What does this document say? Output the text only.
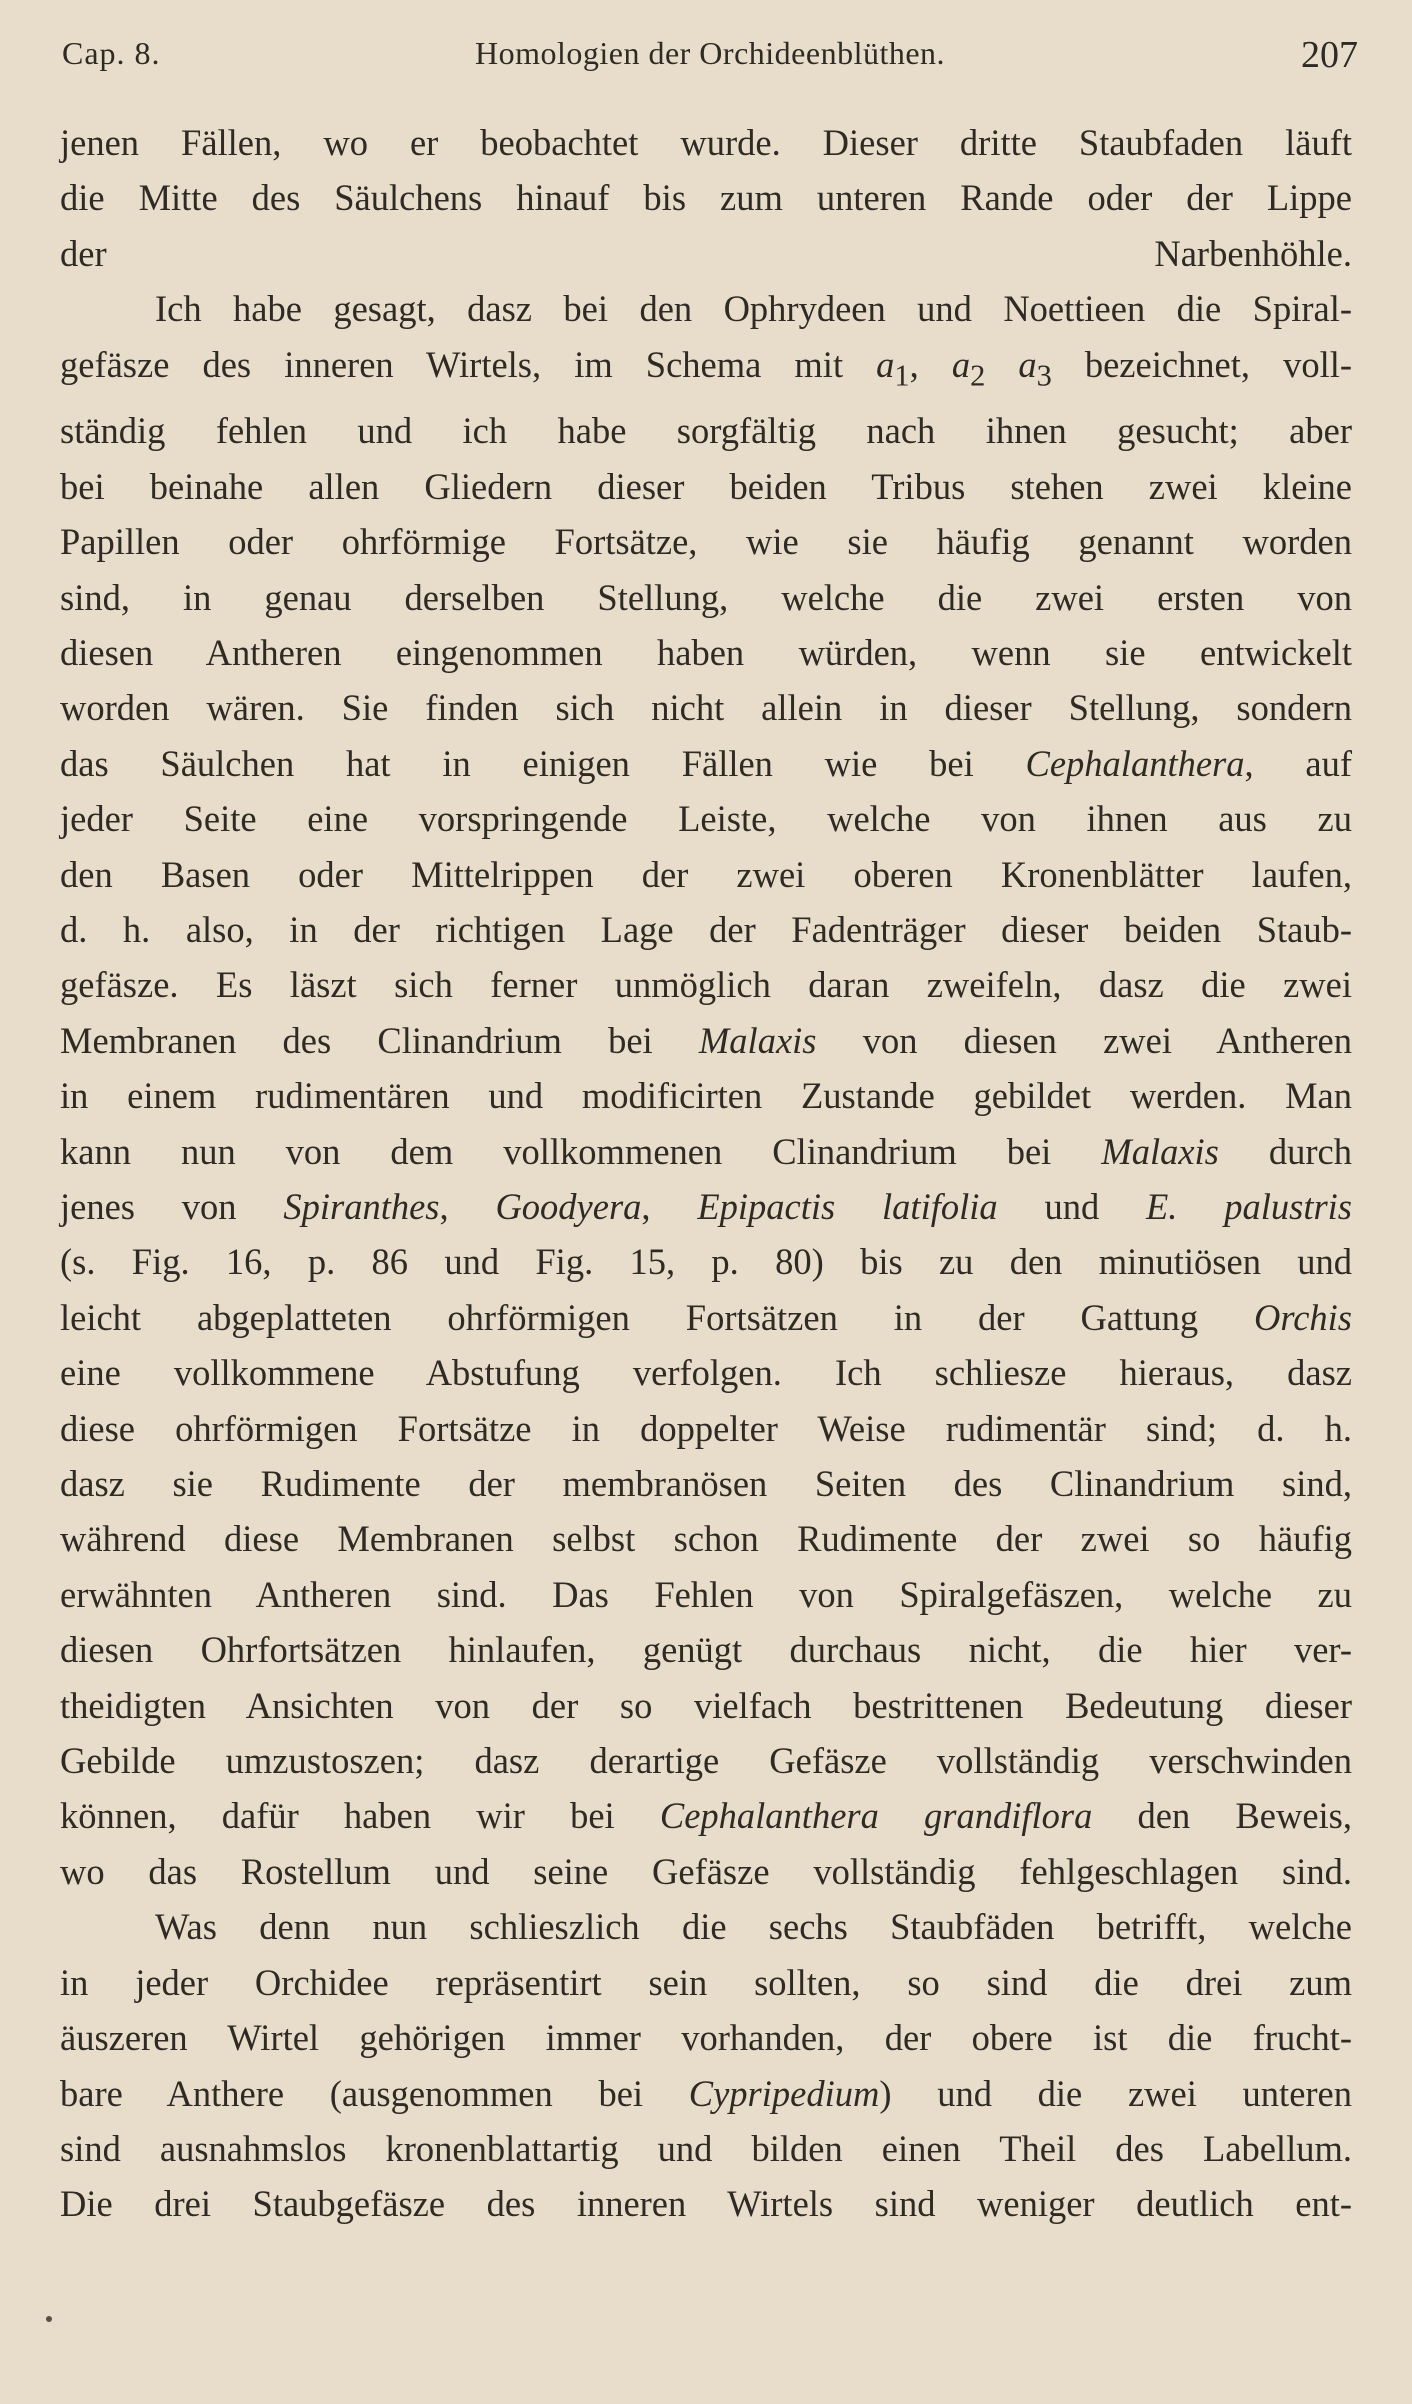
Cap. 8.	Homologien der Orchideenblüthen.	207
jenen Fällen, wo er beobachtet wurde. Dieser dritte Staubfaden läuft
die Mitte des Säulchens hinauf bis zum unteren Rande oder der Lippe
der Narbenhöhle.
Ich habe gesagt, dasz bei den Ophrydeen und Noettieen die Spiral-
gefäsze des inneren Wirtels, im Schema mit $a_1$, $a_2$ $a_3$ bezeichnet, voll-
ständig fehlen und ich habe sorgfältig nach ihnen gesucht; aber
bei beinahe allen Gliedern dieser beiden Tribus stehen zwei kleine
Papillen oder ohrförmige Fortsätze, wie sie häufig genannt worden
sind, in genau derselben Stellung, welche die zwei ersten von
diesen Antheren eingenommen haben würden, wenn sie entwickelt
worden wären. Sie finden sich nicht allein in dieser Stellung, sondern
das Säulchen hat in einigen Fällen wie bei Cephalanthera, auf
jeder Seite eine vorspringende Leiste, welche von ihnen aus zu
den Basen oder Mittelrippen der zwei oberen Kronenblätter laufen,
d. h. also, in der richtigen Lage der Fadenträger dieser beiden Staub-
gefäsze. Es läszt sich ferner unmöglich daran zweifeln, dasz die zwei
Membranen des Clinandrium bei Malaxis von diesen zwei Antheren
in einem rudimentären und modificirten Zustande gebildet werden. Man
kann nun von dem vollkommenen Clinandrium bei Malaxis durch
jenes von Spiranthes, Goodyera, Epipactis latifolia und E. palustris
(s. Fig. 16, p. 86 und Fig. 15, p. 80) bis zu den minutiösen und
leicht abgeplatteten ohrförmigen Fortsätzen in der Gattung Orchis
eine vollkommene Abstufung verfolgen. Ich schliesze hieraus, dasz
diese ohrförmigen Fortsätze in doppelter Weise rudimentär sind; d. h.
dasz sie Rudimente der membranösen Seiten des Clinandrium sind,
während diese Membranen selbst schon Rudimente der zwei so häufig
erwähnten Antheren sind. Das Fehlen von Spiralgefäszen, welche zu
diesen Ohrfortsätzen hinlaufen, genügt durchaus nicht, die hier ver-
theidigten Ansichten von der so vielfach bestrittenen Bedeutung dieser
Gebilde umzustoszen; dasz derartige Gefäsze vollständig verschwinden
können, dafür haben wir bei Cephalanthera grandiflora den Beweis,
wo das Rostellum und seine Gefäsze vollständig fehlgeschlagen sind.
Was denn nun schlieszlich die sechs Staubfäden betrifft, welche
in jeder Orchidee repräsentirt sein sollten, so sind die drei zum
äuszeren Wirtel gehörigen immer vorhanden, der obere ist die frucht-
bare Anthere (ausgenommen bei Cypripedium) und die zwei unteren
sind ausnahmslos kronenblattartig und bilden einen Theil des Labellum.
Die drei Staubgefäsze des inneren Wirtels sind weniger deutlich ent-
